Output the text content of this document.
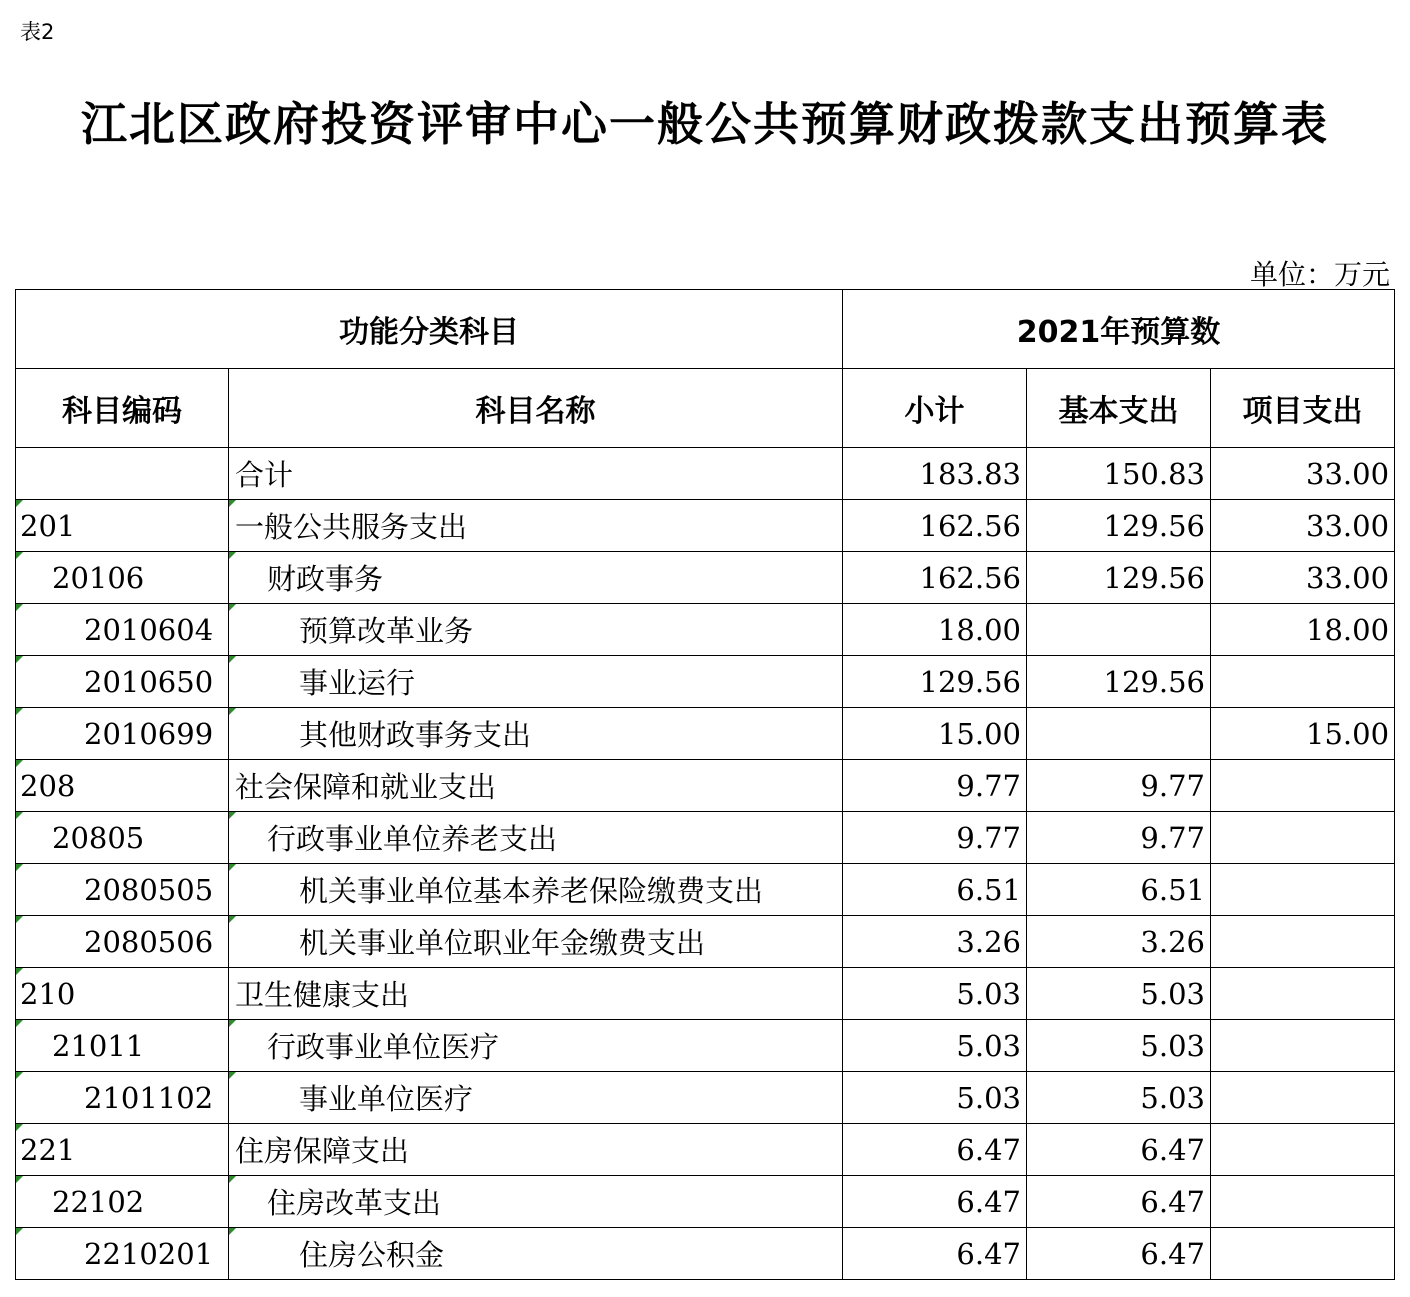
表2
江北区政府投资评审中心一般公共预算财政拨款支出预算表
单位：万元
功能分类科目		2021年预算数		
科目编码	科目名称	小计	基本支出	项目支出
	合计	183.83	150.83	33.00
201	一般公共服务支出	162.56	129.56	33.00
20106	财政事务	162.56	129.56	33.00
2010604	预算改革业务	18.00		18.00
2010650	事业运行	129.56	129.56	
2010699	其他财政事务支出	15.00		15.00
208	社会保障和就业支出	9.77	9.77	
20805	行政事业单位养老支出	9.77	9.77	
2080505	机关事业单位基本养老保险缴费支出	6.51	6.51	
2080506	机关事业单位职业年金缴费支出	3.26	3.26	
210	卫生健康支出	5.03	5.03	
21011	行政事业单位医疗	5.03	5.03	
2101102	事业单位医疗	5.03	5.03	
221	住房保障支出	6.47	6.47	
22102	住房改革支出	6.47	6.47	
2210201	住房公积金	6.47	6.47	
